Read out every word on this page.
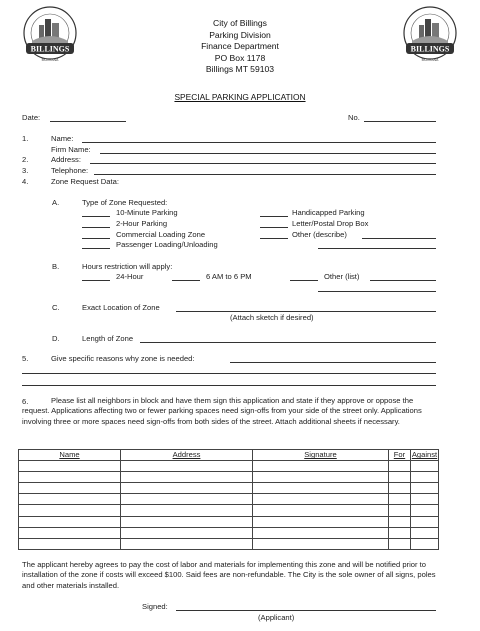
BILLINGS
MONTANA
BILLINGS
MONTANA
City of Billings
Parking Division
Finance Department
PO Box 1178
Billings MT 59103
SPECIAL PARKING APPLICATION
Date:	No.
1.	Name:
Firm Name:
2.	Address:
3.	Telephone:
4.	Zone Request Data:
A.	Type of Zone Requested:
10-Minute Parking
2-Hour Parking
Commercial Loading Zone
Passenger Loading/Unloading
Handicapped Parking
Letter/Postal Drop Box
Other (describe)
B.	Hours restriction will apply:
24-Hour	6 AM to 6 PM	Other (list)
C.	Exact Location of Zone
(Attach sketch if desired)
D.	Length of Zone
5.	Give specific reasons why zone is needed:
6.	Please list all neighbors in block and have them sign this application and state if they approve or oppose the request. Applications affecting two or fewer parking spaces need sign-offs from your side of the street only. Applications involving three or more spaces need sign-offs from both sides of the street. Attach additional sheets if necessary.
Name	Address	Signature	For	Against

The applicant hereby agrees to pay the cost of labor and materials for implementing this zone and will be notified prior to installation of the zone if costs will exceed $100. Said fees are non-refundable. The City is the sole owner of all signs, poles and other materials installed.
Signed:
(Applicant)
